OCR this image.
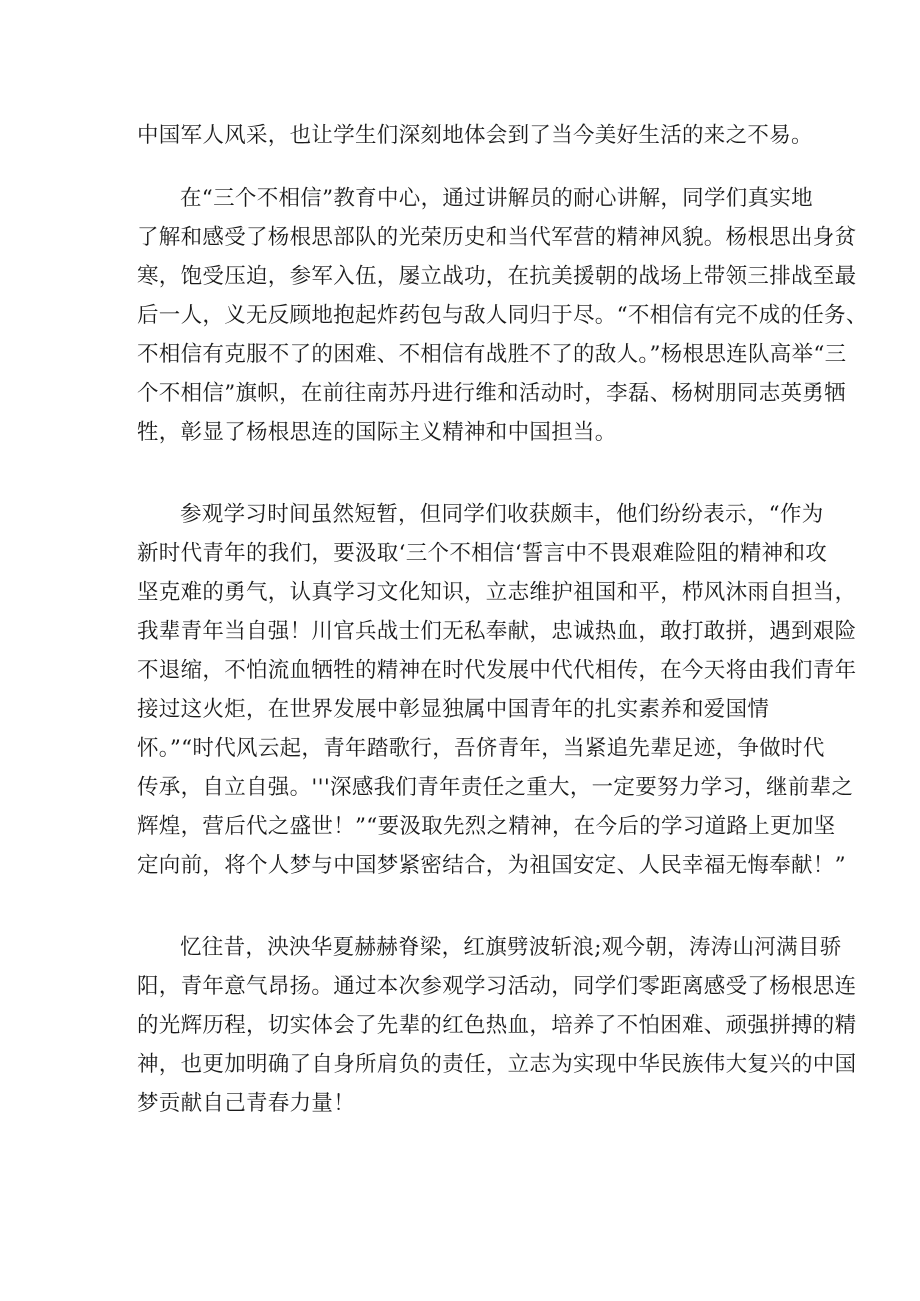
中国军人风采，也让学生们深刻地体会到了当今美好生活的来之不易。
在“三个不相信”教育中心，通过讲解员的耐心讲解，同学们真实地
了解和感受了杨根思部队的光荣历史和当代军营的精神风貌。杨根思出身贫
寒，饱受压迫，参军入伍，屡立战功，在抗美援朝的战场上带领三排战至最
后一人，义无反顾地抱起炸药包与敌人同归于尽。“不相信有完不成的任务、
不相信有克服不了的困难、不相信有战胜不了的敌人。”杨根思连队高举“三
个不相信”旗帜，在前往南苏丹进行维和活动时，李磊、杨树朋同志英勇牺
牲，彰显了杨根思连的国际主义精神和中国担当。
参观学习时间虽然短暂，但同学们收获颇丰，他们纷纷表示，“作为
新时代青年的我们，要汲取‘三个不相信‘誓言中不畏艰难险阻的精神和攻
坚克难的勇气，认真学习文化知识，立志维护祖国和平，栉风沐雨自担当，
我辈青年当自强！川官兵战士们无私奉献，忠诚热血，敢打敢拼，遇到艰险
不退缩，不怕流血牺牲的精神在时代发展中代代相传，在今天将由我们青年
接过这火炬，在世界发展中彰显独属中国青年的扎实素养和爱国情
怀。”“时代风云起，青年踏歌行，吾侪青年，当紧追先辈足迹，争做时代
传承，自立自强。'''深感我们青年责任之重大，一定要努力学习，继前辈之
辉煌，营后代之盛世！”“要汲取先烈之精神，在今后的学习道路上更加坚
定向前，将个人梦与中国梦紧密结合，为祖国安定、人民幸福无悔奉献！”
忆往昔，泱泱华夏赫赫脊梁，红旗劈波斩浪;观今朝，涛涛山河满目骄
阳，青年意气昂扬。通过本次参观学习活动，同学们零距离感受了杨根思连
的光辉历程，切实体会了先辈的红色热血，培养了不怕困难、顽强拼搏的精
神，也更加明确了自身所肩负的责任，立志为实现中华民族伟大复兴的中国
梦贡献自己青春力量！
